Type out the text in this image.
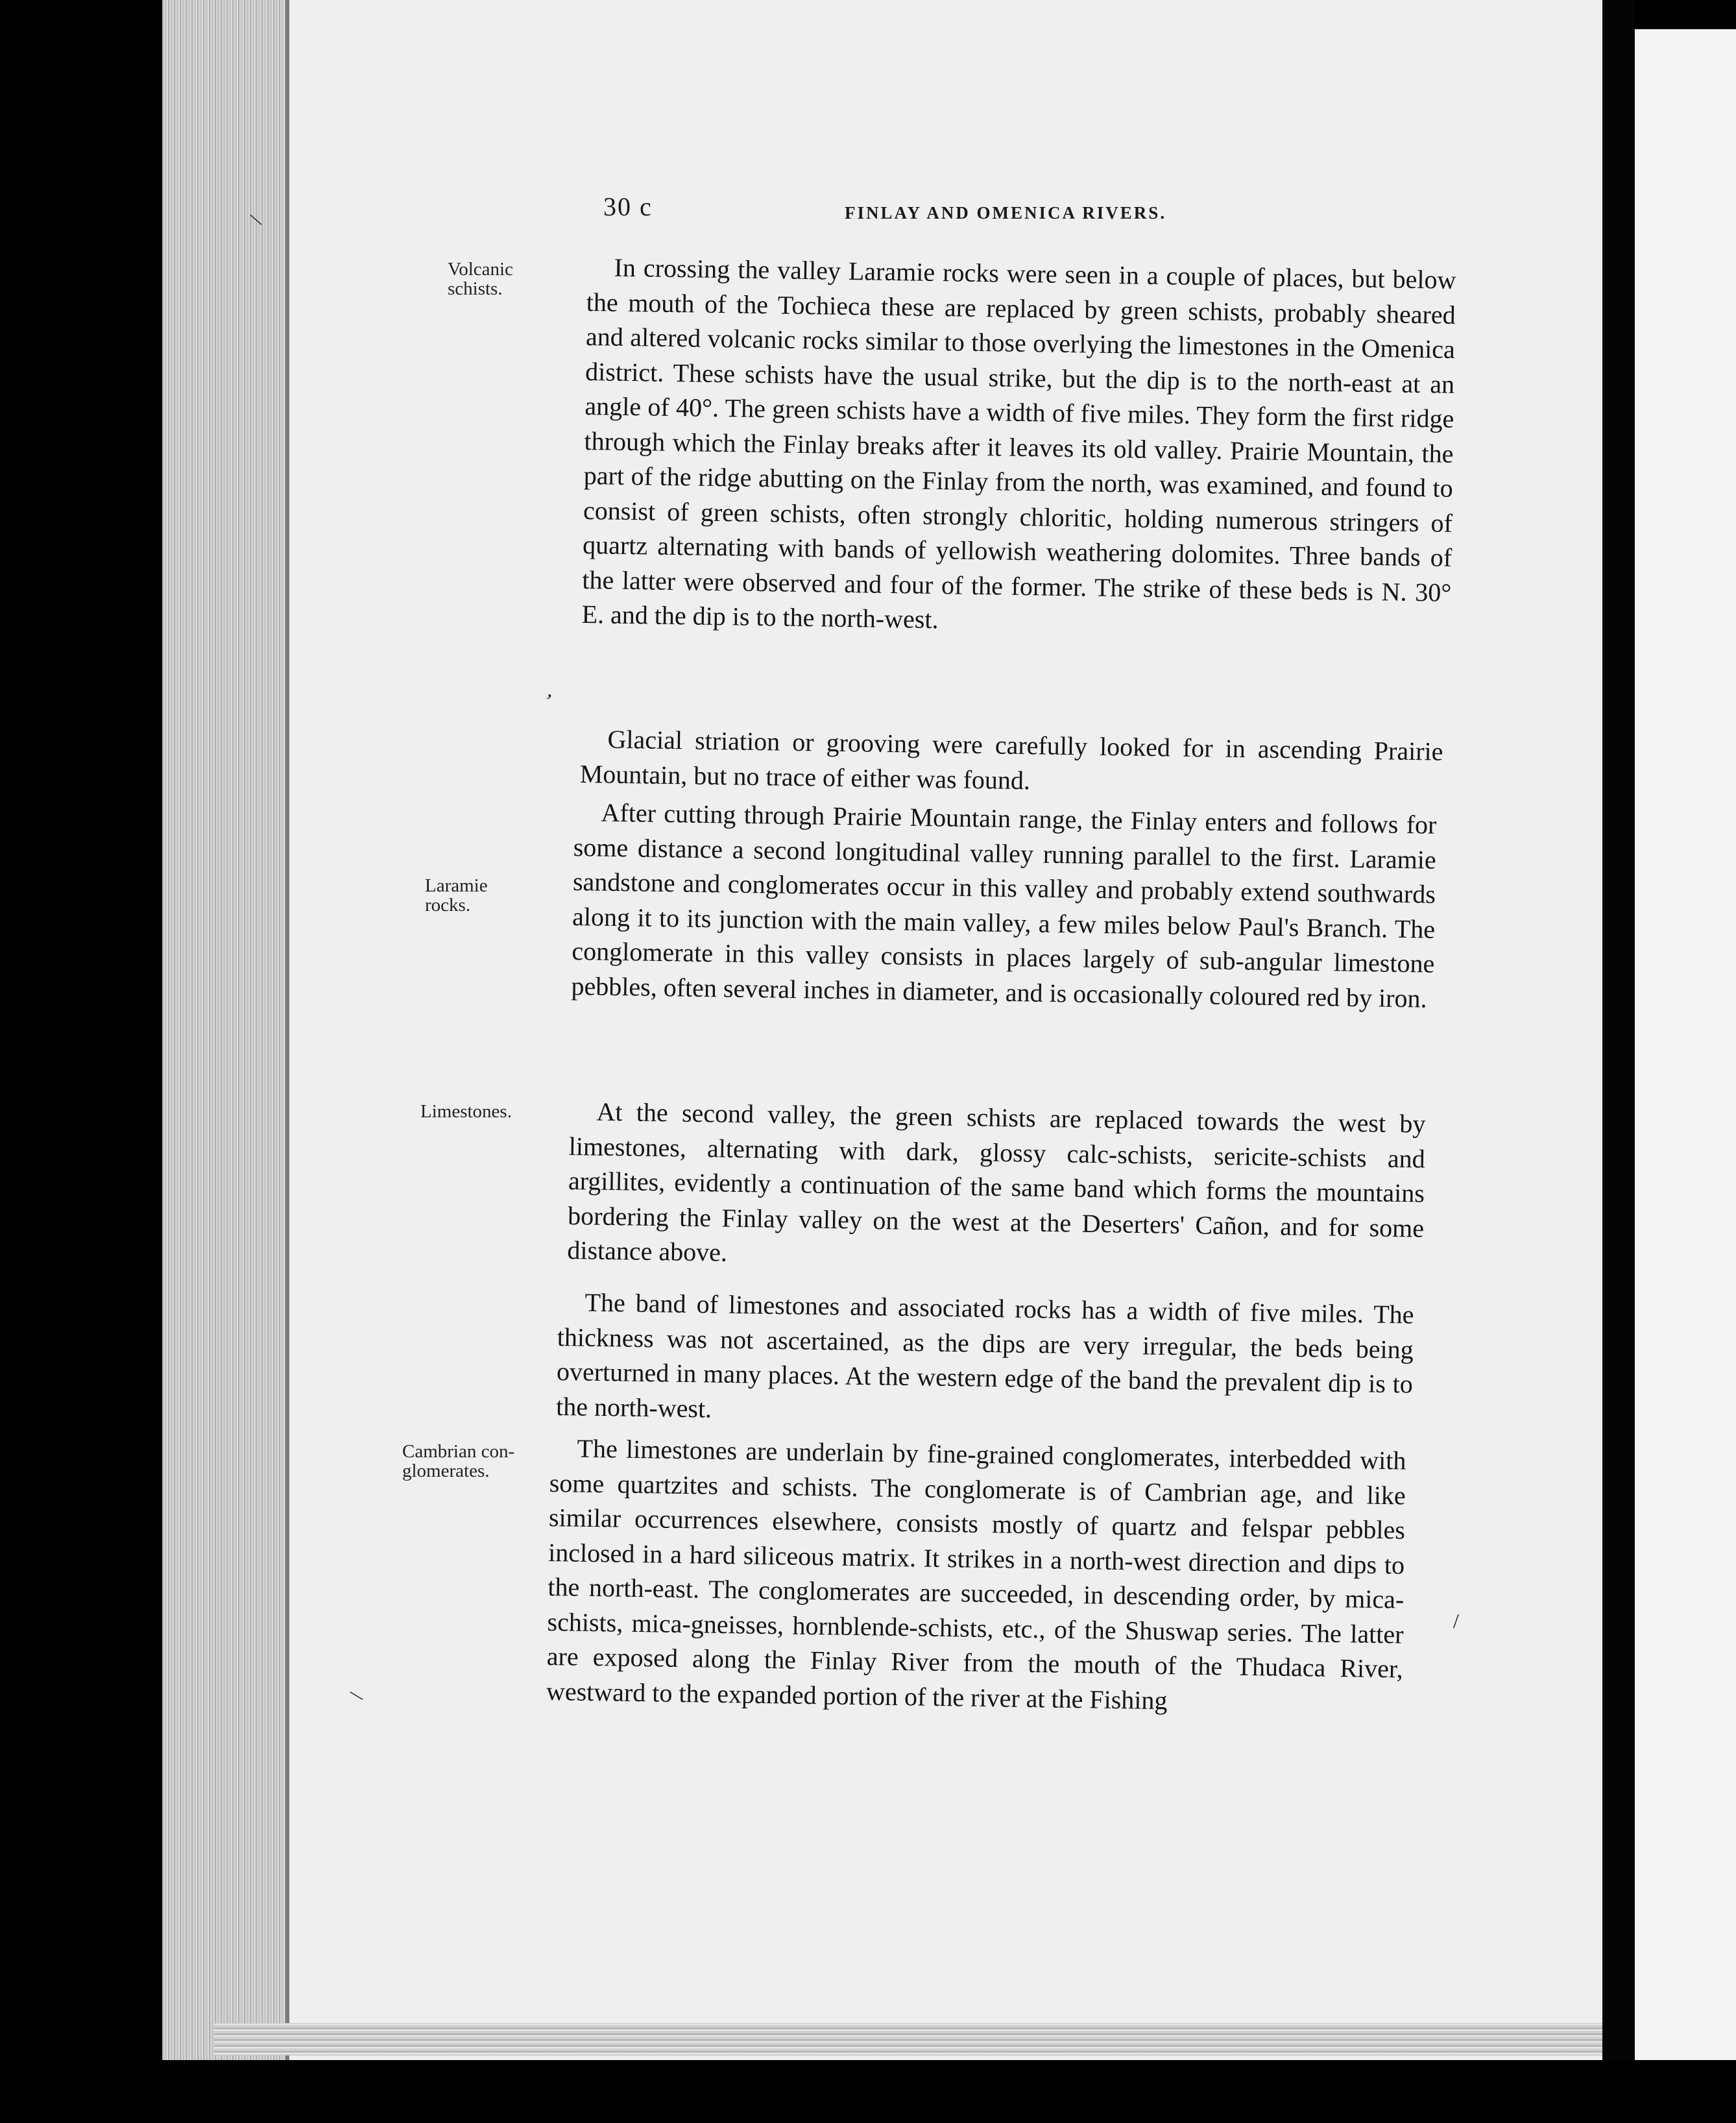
\
‚
\
/
30 c	FINLAY AND OMENICA RIVERS.
Volcanic schists.
Laramie rocks.
Limestones.
Cambrian con-glomerates.

In crossing the valley Laramie rocks were seen in a couple of places, but below the mouth of the Tochieca these are replaced by green schists, probably sheared and altered volcanic rocks similar to those overlying the limestones in the Omenica district. These schists have the usual strike, but the dip is to the north-east at an angle of 40°. The green schists have a width of five miles. They form the first ridge through which the Finlay breaks after it leaves its old valley. Prairie Mountain, the part of the ridge abutting on the Finlay from the north, was examined, and found to consist of green schists, often strongly chloritic, holding numerous stringers of quartz alternating with bands of yellowish weathering dolomites. Three bands of the latter were observed and four of the former. The strike of these beds is N. 30° E. and the dip is to the north-west.

Glacial striation or grooving were carefully looked for in ascending Prairie Mountain, but no trace of either was found.

After cutting through Prairie Mountain range, the Finlay enters and follows for some distance a second longitudinal valley running parallel to the first. Laramie sandstone and conglomerates occur in this valley and probably extend southwards along it to its junction with the main valley, a few miles below Paul's Branch. The conglomerate in this valley consists in places largely of sub-angular limestone pebbles, often several inches in diameter, and is occasionally coloured red by iron.

At the second valley, the green schists are replaced towards the west by limestones, alternating with dark, glossy calc-schists, sericite-schists and argillites, evidently a continuation of the same band which forms the mountains bordering the Finlay valley on the west at the Deserters' Cañon, and for some distance above.

The band of limestones and associated rocks has a width of five miles. The thickness was not ascertained, as the dips are very irregular, the beds being overturned in many places. At the western edge of the band the prevalent dip is to the north-west.

The limestones are underlain by fine-grained conglomerates, interbedded with some quartzites and schists. The conglomerate is of Cambrian age, and like similar occurrences elsewhere, consists mostly of quartz and felspar pebbles inclosed in a hard siliceous matrix. It strikes in a north-west direction and dips to the north-east. The conglomerates are succeeded, in descending order, by mica-schists, mica-gneisses, hornblende-schists, etc., of the Shuswap series. The latter are exposed along the Finlay River from the mouth of the Thudaca River, westward to the expanded portion of the river at the Fishing
